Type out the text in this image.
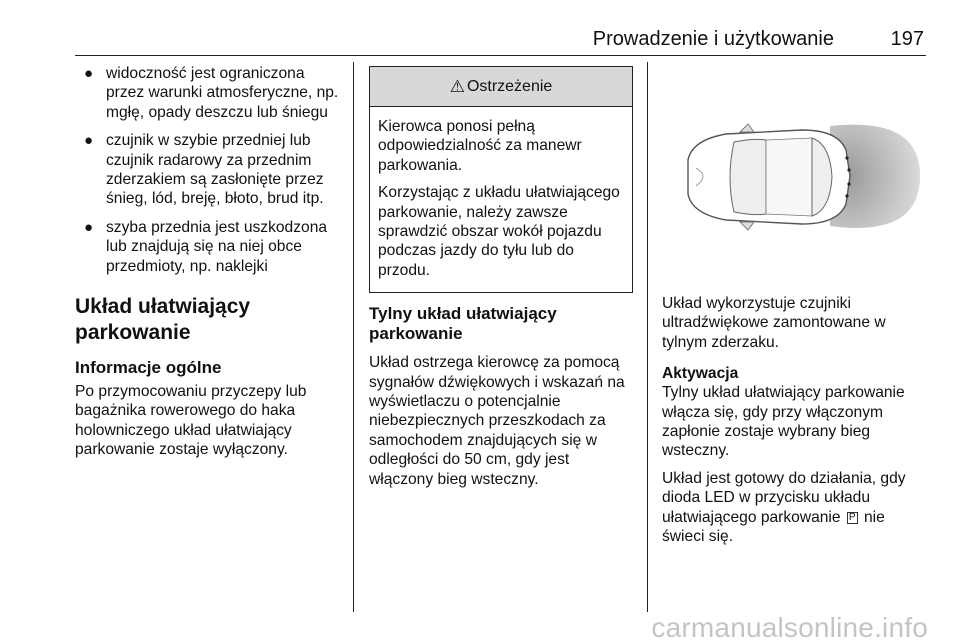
Prowadzenie i użytkowanie	197
● widoczność jest ograniczona przez warunki atmosferyczne, np. mgłę, opady deszczu lub śniegu
● czujnik w szybie przedniej lub czujnik radarowy za przednim zderzakiem są zasłonięte przez śnieg, lód, breję, błoto, brud itp.
● szyba przednia jest uszkodzona lub znajdują się na niej obce przedmioty, np. naklejki
Układ ułatwiający parkowanie
Informacje ogólne

Po przymocowaniu przyczepy lub bagażnika rowerowego do haka holowniczego układ ułatwiający parkowanie zostaje wyłączony.

⚠ Ostrzeżenie

Kierowca ponosi pełną odpowiedzialność za manewr parkowania.

Korzystając z układu ułatwiającego parkowanie, należy zawsze sprawdzić obszar wokół pojazdu podczas jazdy do tyłu lub do przodu.

Tylny układ ułatwiający parkowanie

Układ ostrzega kierowcę za pomocą sygnałów dźwiękowych i wskazań na wyświetlaczu o potencjalnie niebezpiecznych przeszkodach za samochodem znajdujących się w odległości do 50 cm, gdy jest włączony bieg wsteczny.

Układ wykorzystuje czujniki ultradźwiękowe zamontowane w tylnym zderzaku.

Aktywacja

Tylny układ ułatwiający parkowanie włącza się, gdy przy włączonym zapłonie zostaje wybrany bieg wsteczny.

Układ jest gotowy do działania, gdy dioda LED w przycisku układu ułatwiającego parkowanie P nie świeci się.

carmanualsonline.info
